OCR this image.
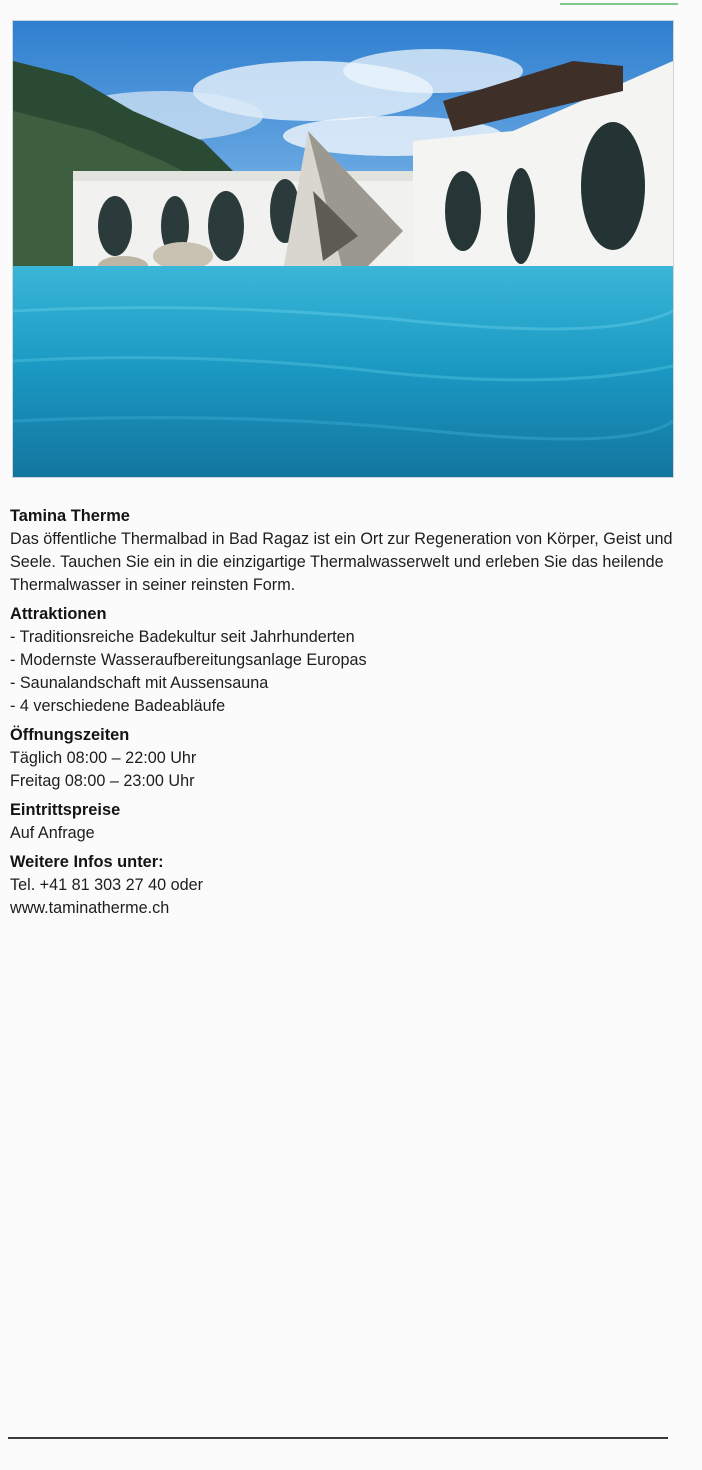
Tamina Therme

Das öffentliche Thermalbad in Bad Ragaz ist ein Ort zur Regeneration von Körper, Geist und Seele. Tauchen Sie ein in die einzigartige Thermalwasserwelt und erleben Sie das heilende Thermalwasser in seiner reinsten Form.

Attraktionen
- Traditionsreiche Badekultur seit Jahrhunderten
- Modernste Wasseraufbereitungsanlage Europas
- Saunalandschaft mit Aussensauna
- 4 verschiedene Badeabläufe
Öffnungszeiten
Täglich 08:00 – 22:00 Uhr
Freitag 08:00 – 23:00 Uhr
Eintrittspreise

Auf Anfrage

Weitere Infos unter:
Tel. +41 81 303 27 40 oder
www.taminatherme.ch
